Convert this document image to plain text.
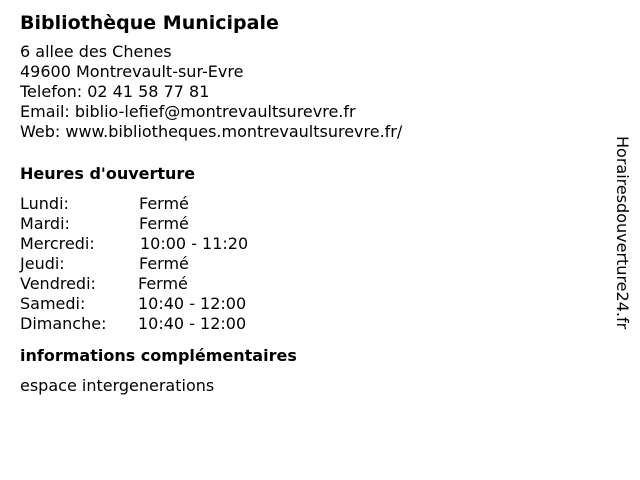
Bibliothèque Municipale
6 allee des Chenes
49600 Montrevault-sur-Evre
Telefon: 02 41 58 77 81
Email: biblio-lefief@montrevaultsurevre.fr
Web: www.bibliotheques.montrevaultsurevre.fr/
Heures d'ouverture
Lundi:	Fermé
Mardi:	Fermé
Mercredi:	10:00 - 11:20
Jeudi:	Fermé
Vendredi:	Fermé
Samedi:	10:40 - 12:00
Dimanche: 10:40 - 12:00
informations complémentaires
espace intergenerations
Horairesdouverture24.fr
